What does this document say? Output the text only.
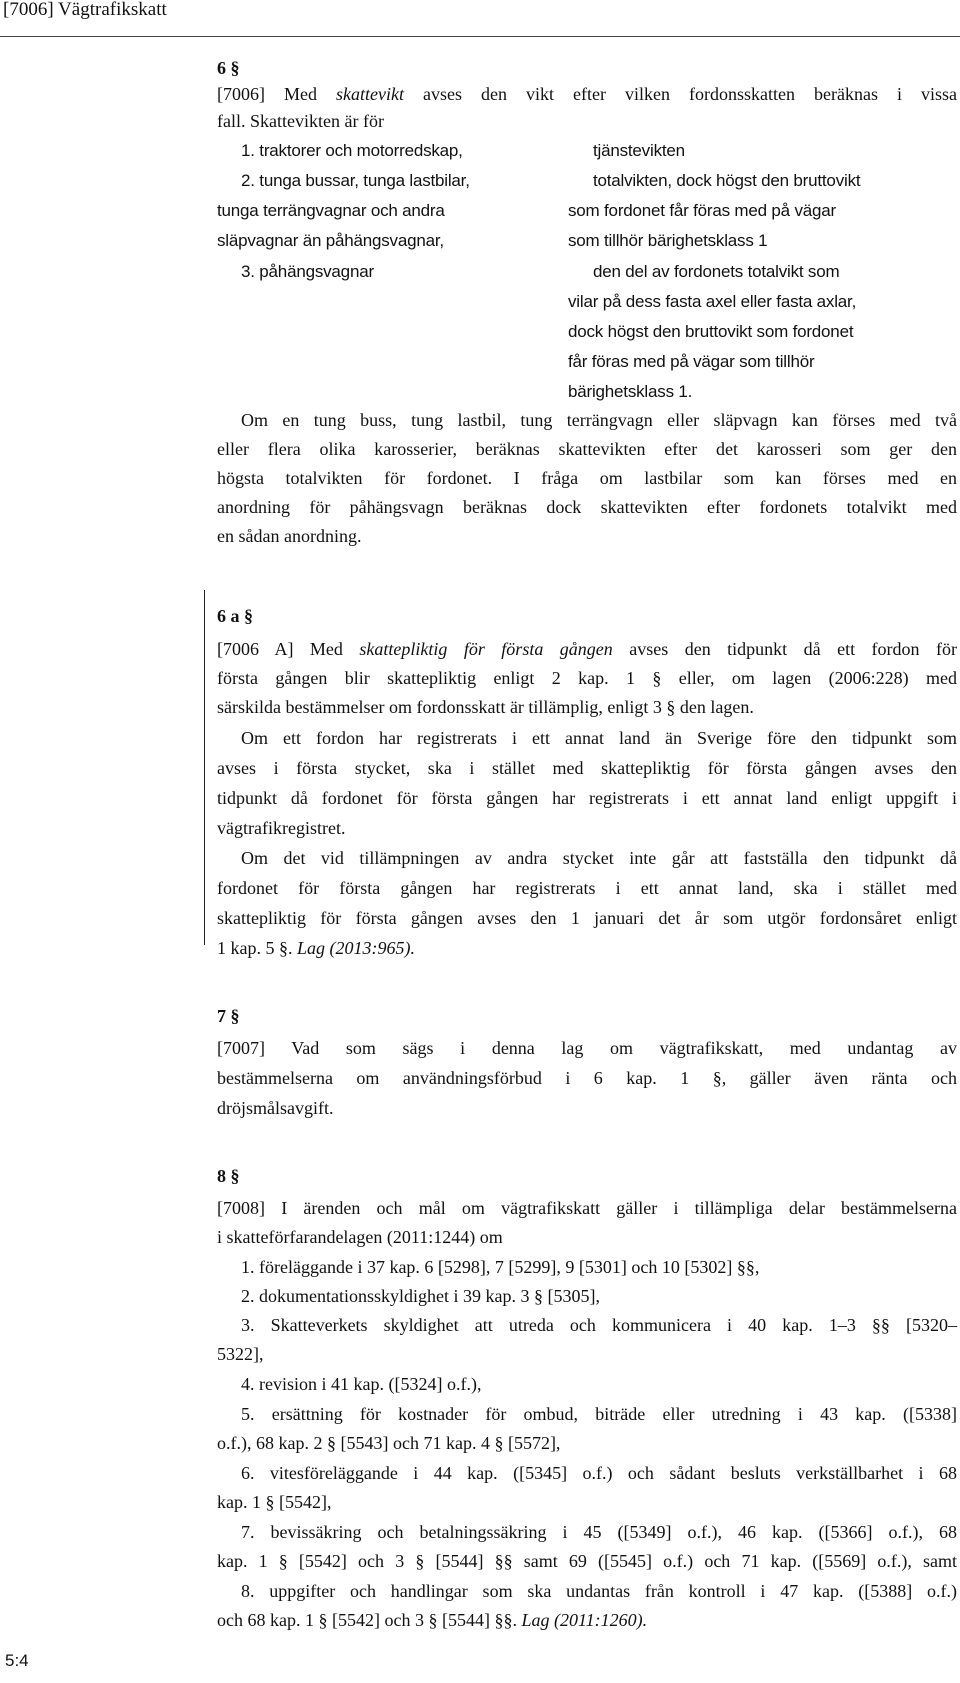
[7006] Vägtrafikskatt
6 §
[7006] Med skattevikt avses den vikt efter vilken fordonsskatten beräknas i vissa
fall. Skattevikten är för
1. traktorer och motorredskap,	tjänstevikten
2. tunga bussar, tunga lastbilar,	totalvikten, dock högst den bruttovikt
tunga terrängvagnar och andra	som fordonet får föras med på vägar
släpvagnar än påhängsvagnar,	som tillhör bärighetsklass 1
3. påhängsvagnar	den del av fordonets totalvikt som
vilar på dess fasta axel eller fasta axlar,
dock högst den bruttovikt som fordonet
får föras med på vägar som tillhör
bärighetsklass 1.
Om en tung buss, tung lastbil, tung terrängvagn eller släpvagn kan förses med två
eller flera olika karosserier, beräknas skattevikten efter det karosseri som ger den
högsta totalvikten för fordonet. I fråga om lastbilar som kan förses med en
anordning för påhängsvagn beräknas dock skattevikten efter fordonets totalvikt med
en sådan anordning.
6 a §
[7006 A] Med skattepliktig för första gången avses den tidpunkt då ett fordon för
första gången blir skattepliktig enligt 2 kap. 1 § eller, om lagen (2006:228) med
särskilda bestämmelser om fordonsskatt är tillämplig, enligt 3 § den lagen.
Om ett fordon har registrerats i ett annat land än Sverige före den tidpunkt som
avses i första stycket, ska i stället med skattepliktig för första gången avses den
tidpunkt då fordonet för första gången har registrerats i ett annat land enligt uppgift i
vägtrafikregistret.
Om det vid tillämpningen av andra stycket inte går att fastställa den tidpunkt då
fordonet för första gången har registrerats i ett annat land, ska i stället med
skattepliktig för första gången avses den 1 januari det år som utgör fordonsåret enligt
1 kap. 5 §. Lag (2013:965).
7 §
[7007] Vad som sägs i denna lag om vägtrafikskatt, med undantag av
bestämmelserna om användningsförbud i 6 kap. 1 §, gäller även ränta och
dröjsmålsavgift.
8 §
[7008] I ärenden och mål om vägtrafikskatt gäller i tillämpliga delar bestämmelserna
i skatteförfarandelagen (2011:1244) om
1. föreläggande i 37 kap. 6 [5298], 7 [5299], 9 [5301] och 10 [5302] §§,
2. dokumentationsskyldighet i 39 kap. 3 § [5305],
3. Skatteverkets skyldighet att utreda och kommunicera i 40 kap. 1–3 §§ [5320–
5322],
4. revision i 41 kap. ([5324] o.f.),
5. ersättning för kostnader för ombud, biträde eller utredning i 43 kap. ([5338]
o.f.), 68 kap. 2 § [5543] och 71 kap. 4 § [5572],
6. vitesföreläggande i 44 kap. ([5345] o.f.) och sådant besluts verkställbarhet i 68
kap. 1 § [5542],
7. bevissäkring och betalningssäkring i 45 ([5349] o.f.), 46 kap. ([5366] o.f.), 68
kap. 1 § [5542] och 3 § [5544] §§ samt 69 ([5545] o.f.) och 71 kap. ([5569] o.f.), samt
8. uppgifter och handlingar som ska undantas från kontroll i 47 kap. ([5388] o.f.)
och 68 kap. 1 § [5542] och 3 § [5544] §§. Lag (2011:1260).
5:4
